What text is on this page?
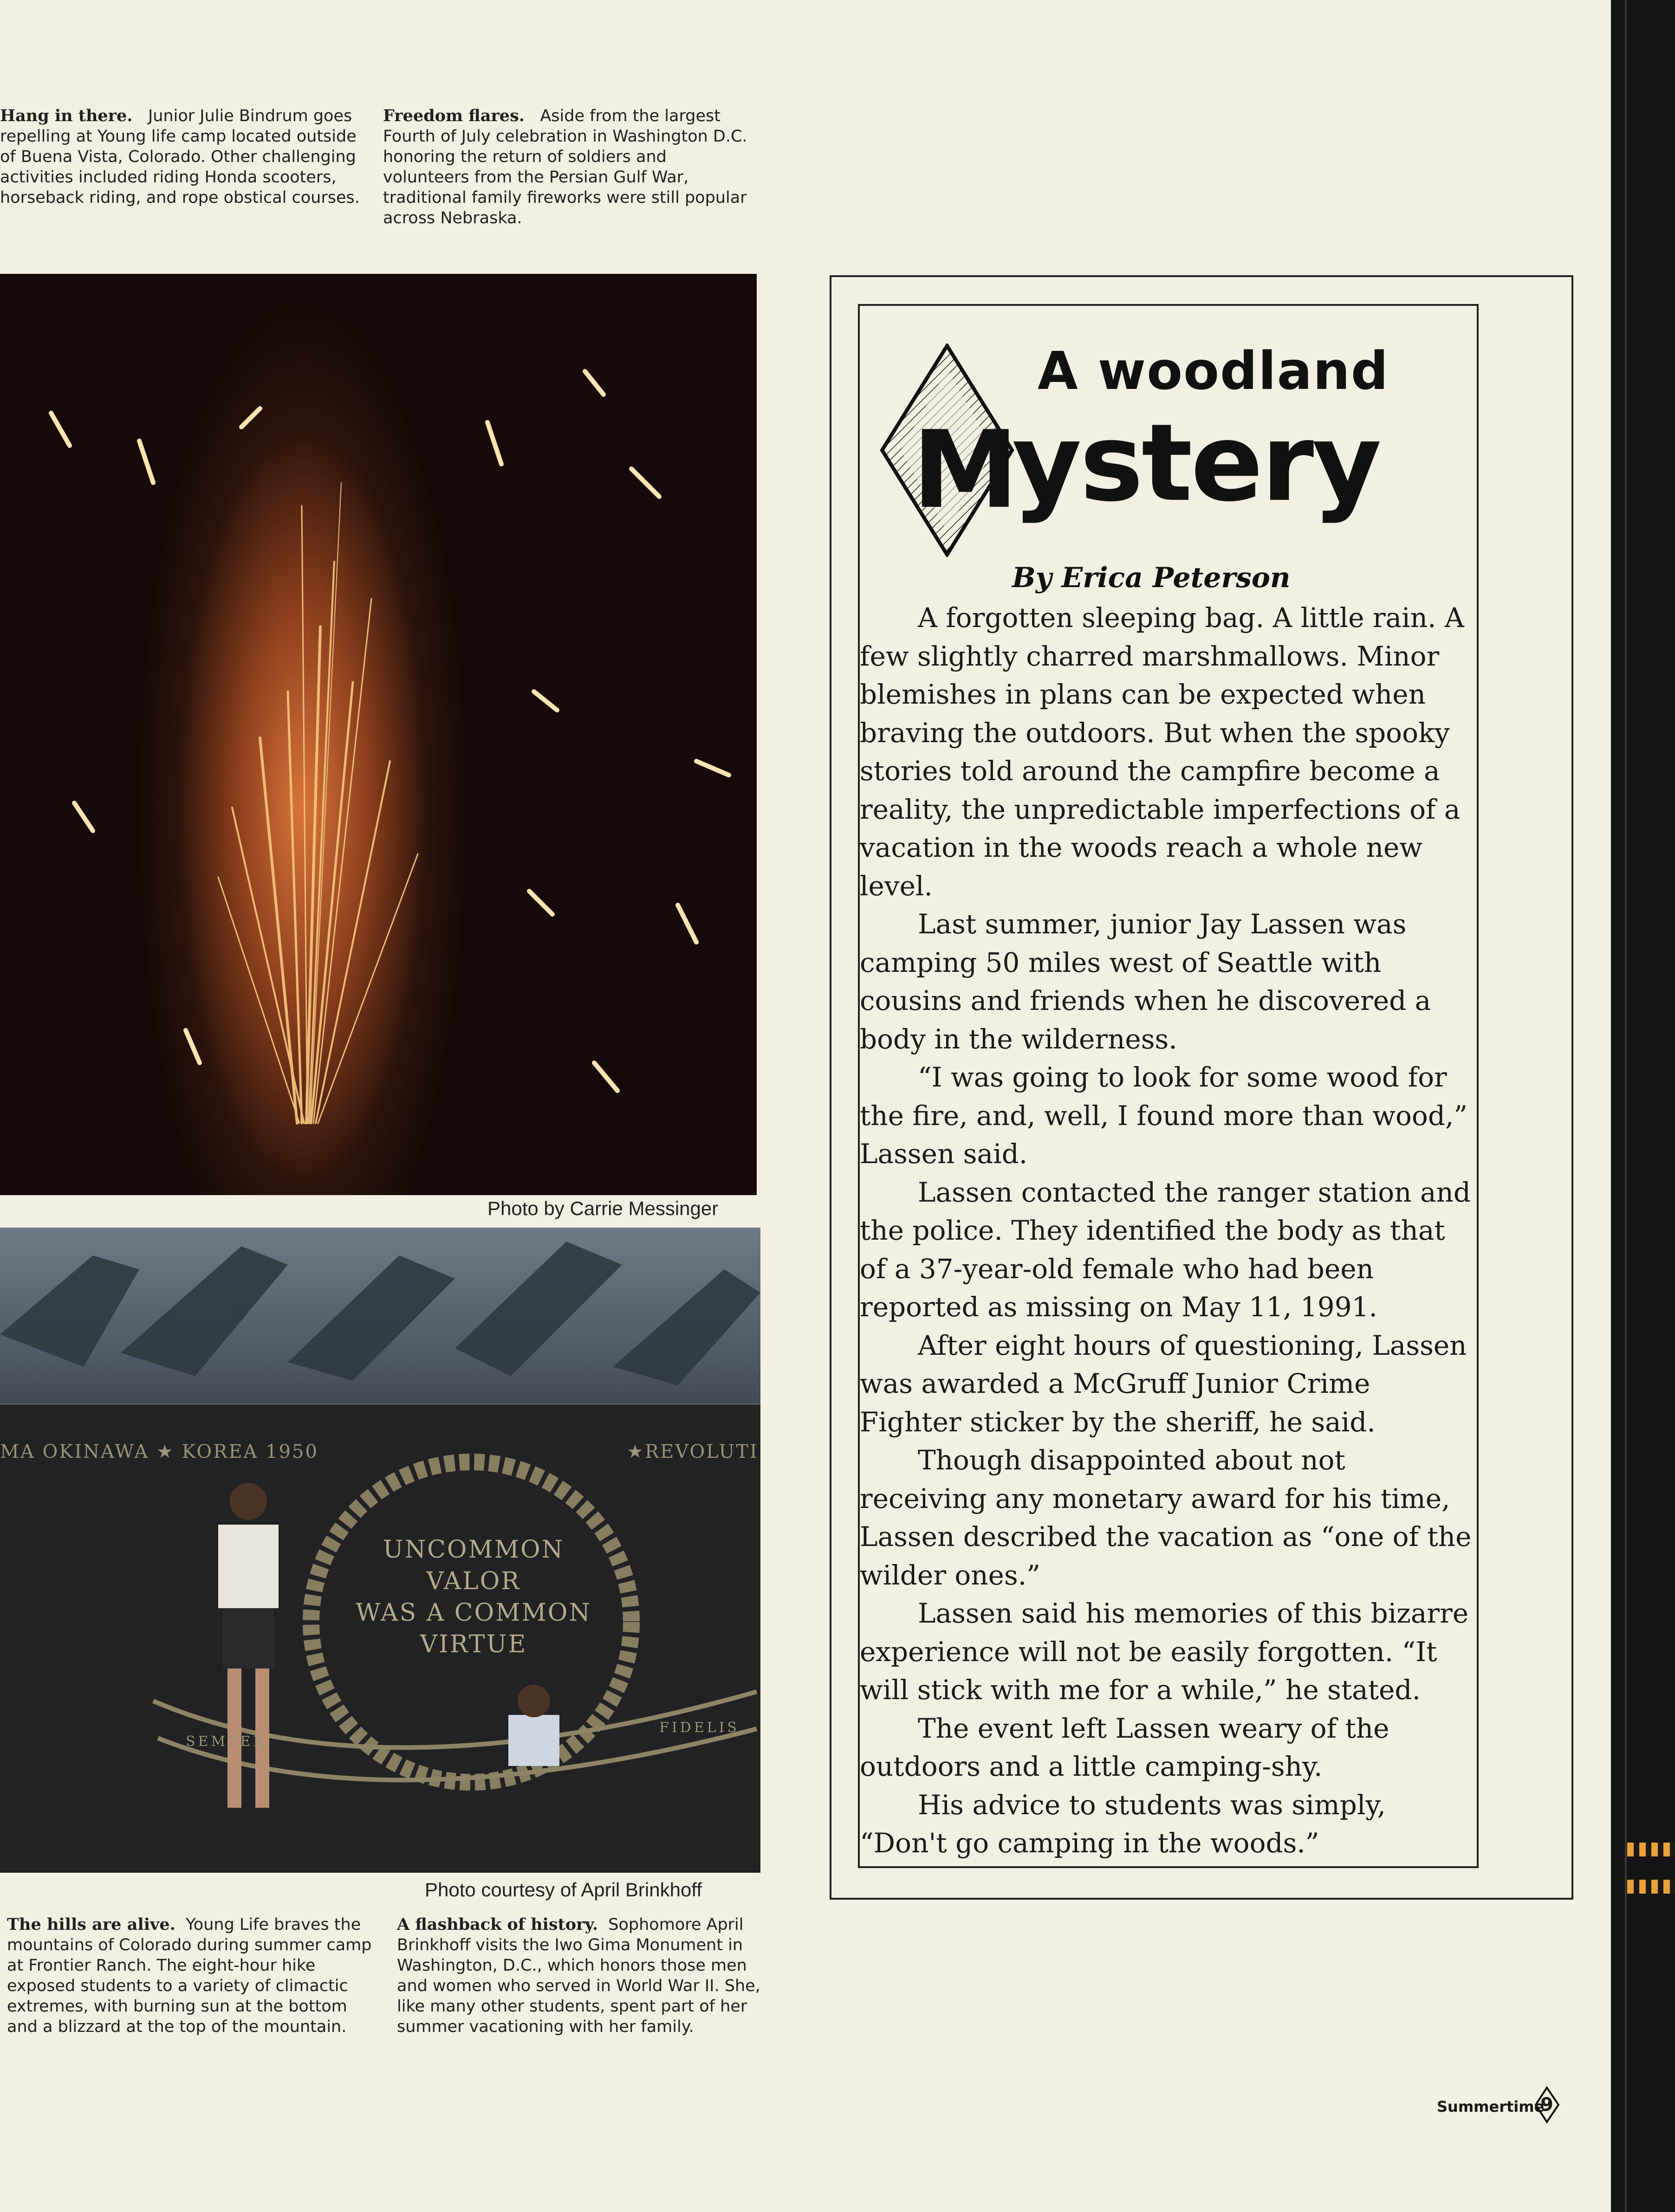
Hang in there. Junior Julie Bindrum goes repelling at Young life camp located outside of Buena Vista, Colorado. Other challenging activities included riding Honda scooters, horseback riding, and rope obstical courses.
Freedom flares. Aside from the largest Fourth of July celebration in Washington D.C. honoring the return of soldiers and volunteers from the Persian Gulf War, traditional family fireworks were still popular across Nebraska.
Photo by Carrie Messinger
MA OKINAWA ★ KOREA 1950	★REVOLUTI
UNCOMMON
VALOR
WAS A COMMON
VIRTUE
SEMPER
FIDELIS
Photo courtesy of April Brinkhoff
The hills are alive. Young Life braves the mountains of Colorado during summer camp at Frontier Ranch. The eight-hour hike exposed students to a variety of climactic extremes, with burning sun at the bottom and a blizzard at the top of the mountain.
A flashback of history. Sophomore April Brinkhoff visits the Iwo Gima Monument in Washington, D.C., which honors those men and women who served in World War II. She, like many other students, spent part of her summer vacationing with her family.
A woodland
M
ystery
By Erica Peterson

A forgotten sleeping bag. A little rain. A few slightly charred marshmallows. Minor blemishes in plans can be expected when braving the outdoors. But when the spooky stories told around the campfire become a reality, the unpredictable imperfections of a vacation in the woods reach a whole new level.

Last summer, junior Jay Lassen was camping 50 miles west of Seattle with cousins and friends when he discovered a body in the wilderness.

“I was going to look for some wood for the fire, and, well, I found more than wood,” Lassen said.

Lassen contacted the ranger station and the police. They identified the body as that of a 37-year-old female who had been reported as missing on May 11, 1991.

After eight hours of questioning, Lassen was awarded a McGruff Junior Crime Fighter sticker by the sheriff, he said.

Though disappointed about not receiving any monetary award for his time, Lassen described the vacation as “one of the wilder ones.”

Lassen said his memories of this bizarre experience will not be easily forgotten. “It will stick with me for a while,” he stated.

The event left Lassen weary of the outdoors and a little camping-shy.

His advice to students was simply, “Don't go camping in the woods.”

Summertime
9
